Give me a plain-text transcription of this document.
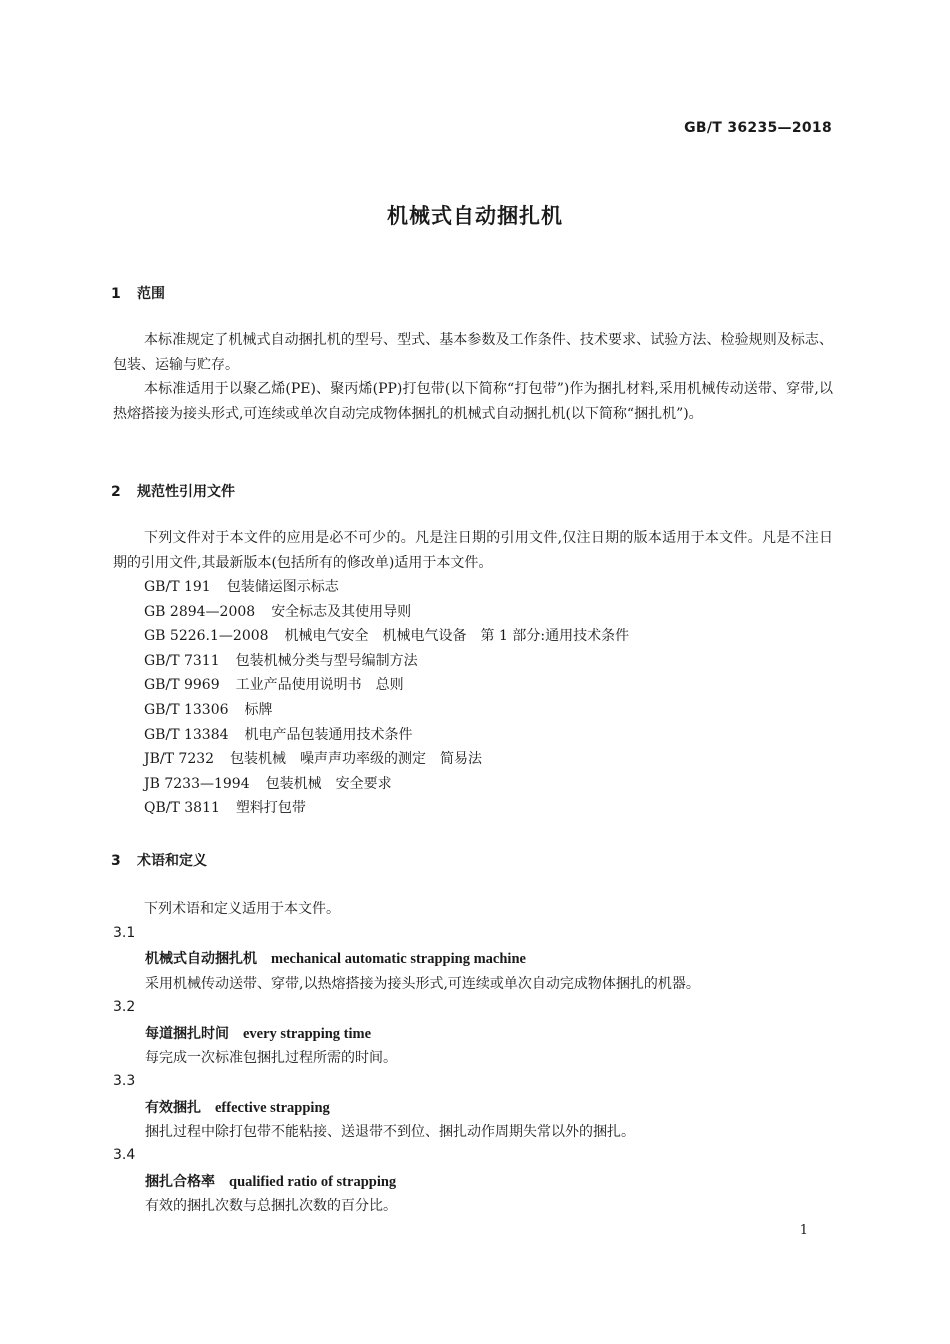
GB/T 36235—2018
机械式自动捆扎机
1 范围

本标准规定了机械式自动捆扎机的型号、型式、基本参数及工作条件、技术要求、试验方法、检验规则及标志、包装、运输与贮存。

本标准适用于以聚乙烯(PE)、聚丙烯(PP)打包带(以下简称“打包带”)作为捆扎材料,采用机械传动送带、穿带,以热熔搭接为接头形式,可连续或单次自动完成物体捆扎的机械式自动捆扎机(以下简称“捆扎机”)。

2 规范性引用文件

下列文件对于本文件的应用是必不可少的。凡是注日期的引用文件,仅注日期的版本适用于本文件。凡是不注日期的引用文件,其最新版本(包括所有的修改单)适用于本文件。

GB/T 191 包装储运图示标志
GB 2894—2008 安全标志及其使用导则
GB 5226.1—2008 机械电气安全　机械电气设备　第 1 部分:通用技术条件
GB/T 7311 包装机械分类与型号编制方法
GB/T 9969 工业产品使用说明书　总则
GB/T 13306 标牌
GB/T 13384 机电产品包装通用技术条件
JB/T 7232 包装机械　噪声声功率级的测定　简易法
JB 7233—1994 包装机械　安全要求
QB/T 3811 塑料打包带
3 术语和定义

下列术语和定义适用于本文件。

3.1
机械式自动捆扎机 mechanical automatic strapping machine
采用机械传动送带、穿带,以热熔搭接为接头形式,可连续或单次自动完成物体捆扎的机器。
3.2
每道捆扎时间 every strapping time
每完成一次标准包捆扎过程所需的时间。
3.3
有效捆扎 effective strapping
捆扎过程中除打包带不能粘接、送退带不到位、捆扎动作周期失常以外的捆扎。
3.4
捆扎合格率 qualified ratio of strapping
有效的捆扎次数与总捆扎次数的百分比。
1
